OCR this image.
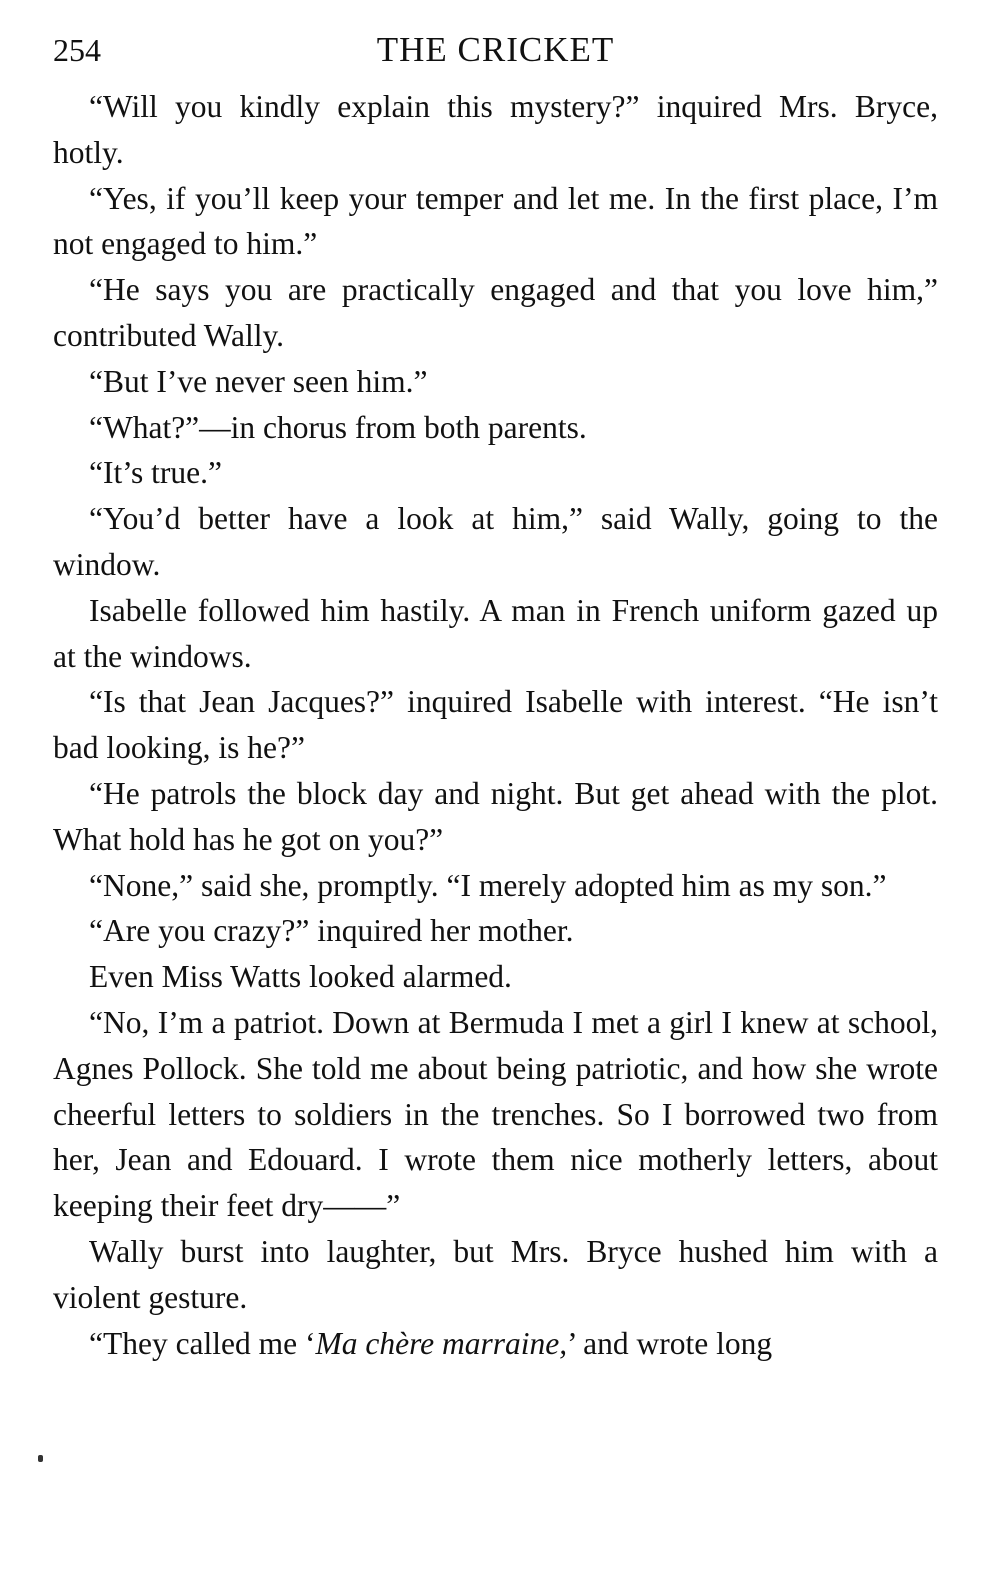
254	THE CRICKET

“Will you kindly explain this mystery?” inquired Mrs. Bryce, hotly.

“Yes, if you’ll keep your temper and let me. In the first place, I’m not engaged to him.”

“He says you are practically engaged and that you love him,” contributed Wally.

“But I’ve never seen him.”

“What?”—in chorus from both parents.

“It’s true.”

“You’d better have a look at him,” said Wally, going to the window.

Isabelle followed him hastily. A man in French uniform gazed up at the windows.

“Is that Jean Jacques?” inquired Isabelle with interest. “He isn’t bad looking, is he?”

“He patrols the block day and night. But get ahead with the plot. What hold has he got on you?”

“None,” said she, promptly. “I merely adopted him as my son.”

“Are you crazy?” inquired her mother.

Even Miss Watts looked alarmed.

“No, I’m a patriot. Down at Bermuda I met a girl I knew at school, Agnes Pollock. She told me about being patriotic, and how she wrote cheerful letters to soldiers in the trenches. So I borrowed two from her, Jean and Edouard. I wrote them nice motherly letters, about keeping their feet dry——”

Wally burst into laughter, but Mrs. Bryce hushed him with a violent gesture.

“They called me ‘Ma chère marraine,’ and wrote long
